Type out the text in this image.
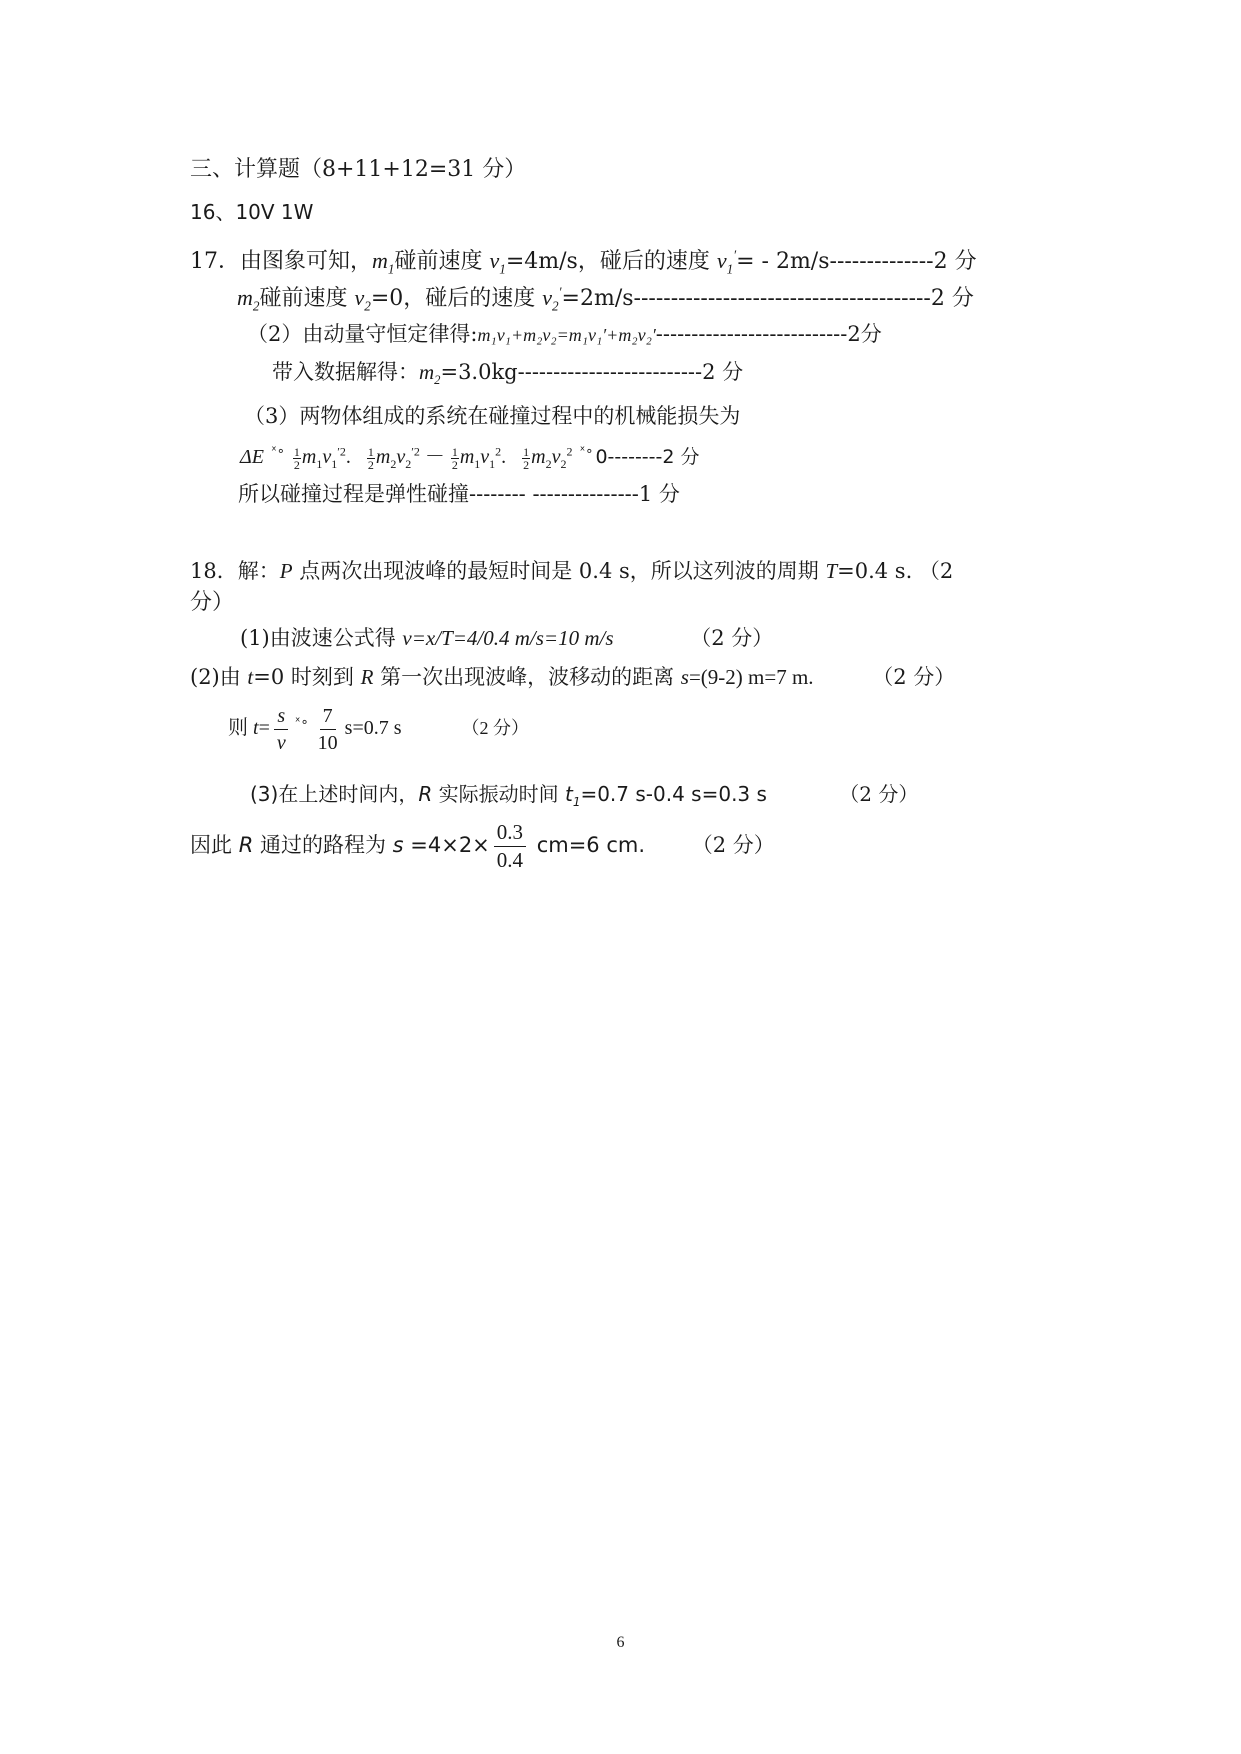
三、计算题（8+11+12=31 分）
16、10V 1W
17．由图象可知，$m_1$碰前速度 $v_1=4m/s$，碰后的速度 $v_1'= - 2m/s--------------2$ 分
$m_2$碰前速度 $v_2=0$，碰后的速度 $v_2'=2m/s----------------------------------------2$ 分
（2）由动量守恒定律得:m₁v₁+m₂v₂=m₁v₁′+m₂v₂′---------------------------2分
带入数据解得：$m_2=3.0kg--------------------------2$ 分
（3）两物体组成的系统在碰撞过程中的机械能损失为
ΔE $^{ˣ\circ} \frac{1}{2} m_1v_1^{'2}$. $\frac{1}{2} m_2v_2^{'2} - \frac{1}{2} m_1v_1^2$. $\frac{1}{2} m_2v_2^2$ $^{ˣ\circ}$ 0--------2 分
所以碰撞过程是弹性碰撞-------- ---------------1 分
18．解：P 点两次出现波峰的最短时间是 0.4 s，所以这列波的周期 T=0.4 s. （2
分）
(1)由波速公式得 v=x/T=4/0.4 m/s=10 m/s	（2 分）
(2)由 t=0 时刻到 R 第一次出现波峰，波移动的距离 s=(9-2) m=7 m.	（2 分）
则 $t= \frac{s}{v} ^{ˣ\circ} \frac{7}{10} s=0.7$ s	（2 分）
(3)在上述时间内，R 实际振动时间 $t_1=0.7$ s-0.4 s=0.3 s	（2 分）
因此 R 通过的路程为 $s =4\times 2\times \frac{0.3}{0.4} cm=6$ cm. （2 分）
6
